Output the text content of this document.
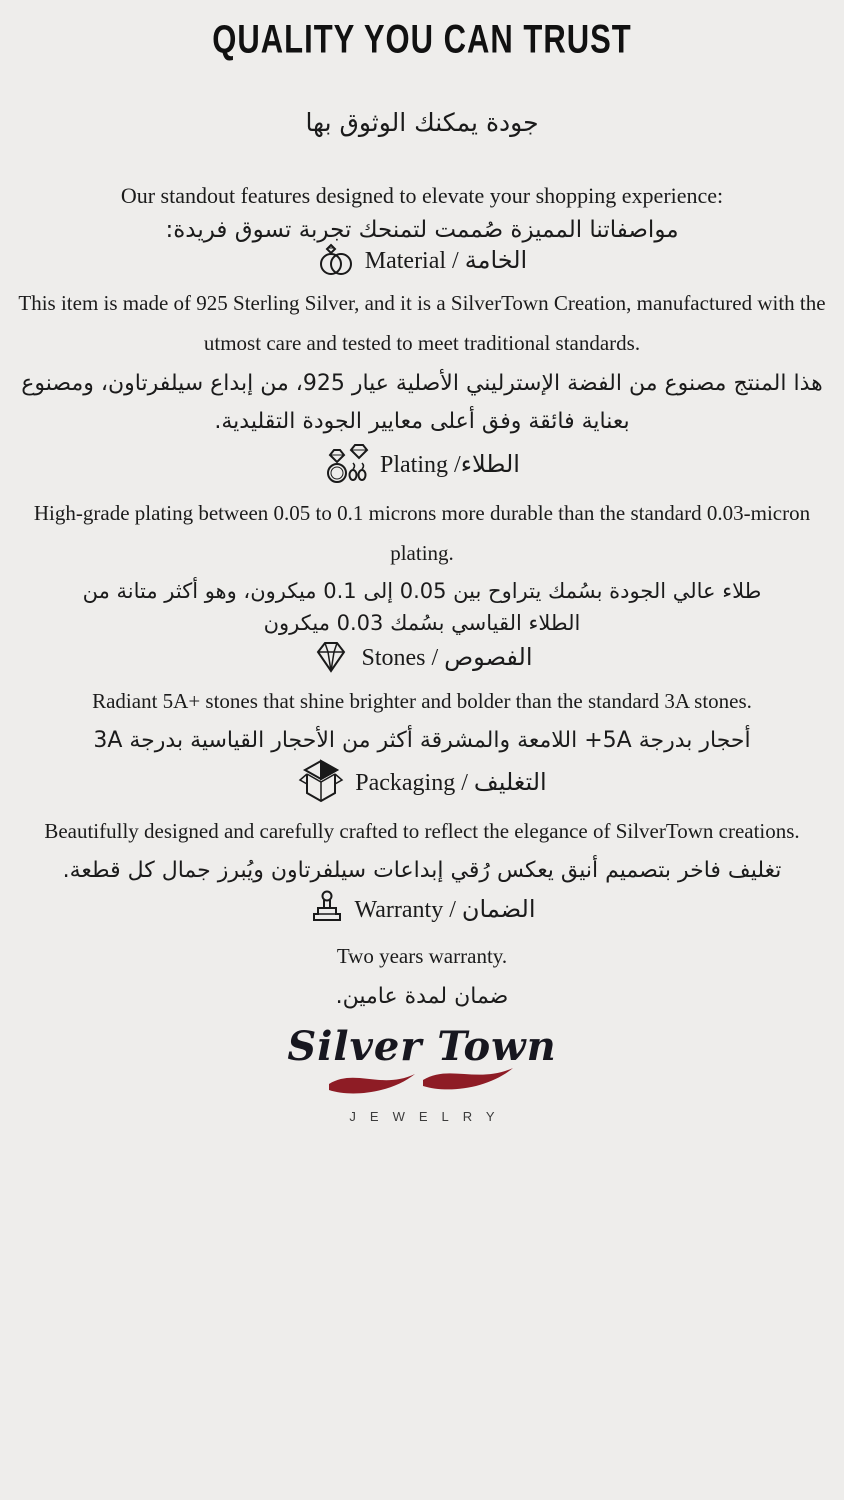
QUALITY YOU CAN TRUST
جودة يمكنك الوثوق بها
Our standout features designed to elevate your shopping experience:
مواصفاتنا المميزة صُممت لتمنحك تجربة تسوق فريدة:
Material / الخامة

This item is made of 925 Sterling Silver, and it is a SilverTown Creation, manufactured with the utmost care and tested to meet traditional standards.

هذا المنتج مصنوع من الفضة الإسترليني الأصلية عيار 925، من إبداع سيلفرتاون، ومصنوع بعناية فائقة وفق أعلى معايير الجودة التقليدية.

Plating /الطلاء

High-grade plating between 0.05 to 0.1 microns more durable than the standard 0.03-micron plating.

طلاء عالي الجودة بسُمك يتراوح بين 0.05 إلى 0.1 ميكرون، وهو أكثر متانة من الطلاء القياسي بسُمك 0.03 ميكرون

Stones / الفصوص

Radiant 5A+ stones that shine brighter and bolder than the standard 3A stones.

أحجار بدرجة 5A+ اللامعة والمشرقة أكثر من الأحجار القياسية بدرجة 3A

Packaging / التغليف

Beautifully designed and carefully crafted to reflect the elegance of SilverTown creations.

تغليف فاخر بتصميم أنيق يعكس رُقي إبداعات سيلفرتاون ويُبرز جمال كل قطعة.

Warranty / الضمان

Two years warranty.

ضمان لمدة عامين.

Silver Town
JEWELRY
